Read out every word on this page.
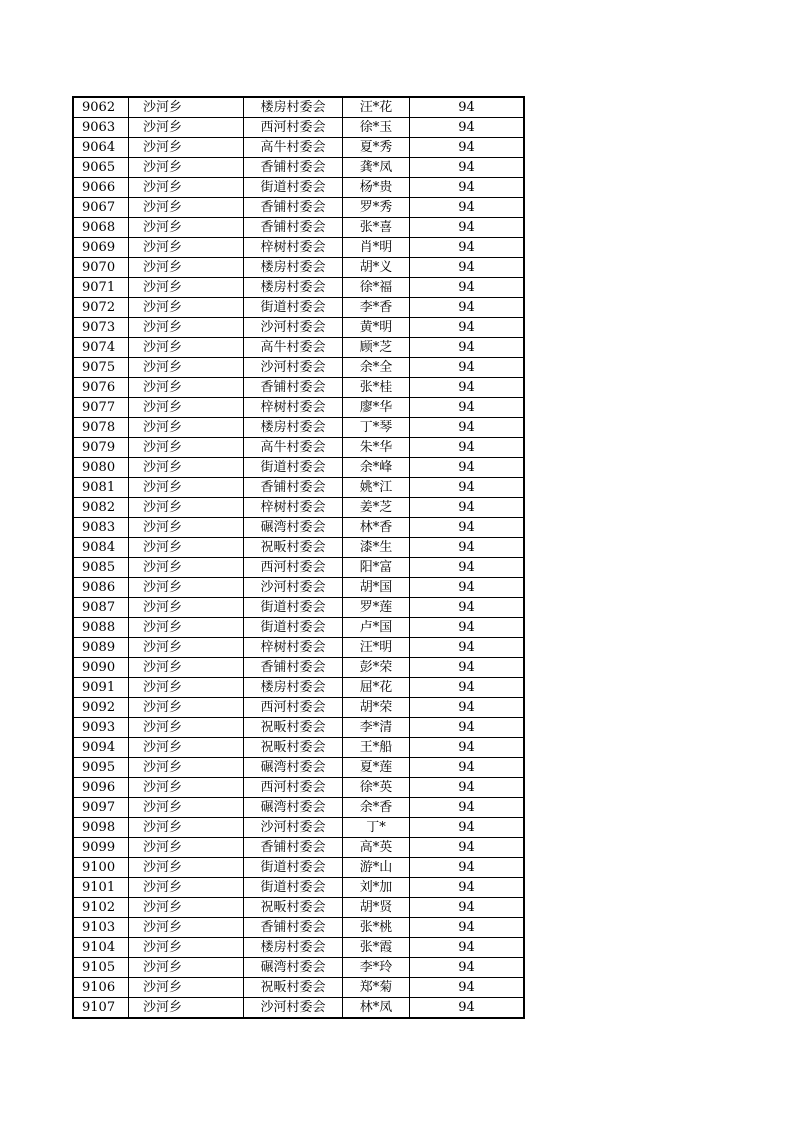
9062	沙河乡	楼房村委会	汪*花	94
9063	沙河乡	西河村委会	徐*玉	94
9064	沙河乡	高牛村委会	夏*秀	94
9065	沙河乡	香铺村委会	龚*凤	94
9066	沙河乡	街道村委会	杨*贵	94
9067	沙河乡	香铺村委会	罗*秀	94
9068	沙河乡	香铺村委会	张*喜	94
9069	沙河乡	梓树村委会	肖*明	94
9070	沙河乡	楼房村委会	胡*义	94
9071	沙河乡	楼房村委会	徐*福	94
9072	沙河乡	街道村委会	李*香	94
9073	沙河乡	沙河村委会	黄*明	94
9074	沙河乡	高牛村委会	顾*芝	94
9075	沙河乡	沙河村委会	余*全	94
9076	沙河乡	香铺村委会	张*桂	94
9077	沙河乡	梓树村委会	廖*华	94
9078	沙河乡	楼房村委会	丁*琴	94
9079	沙河乡	高牛村委会	朱*华	94
9080	沙河乡	街道村委会	余*峰	94
9081	沙河乡	香铺村委会	姚*江	94
9082	沙河乡	梓树村委会	姜*芝	94
9083	沙河乡	碾湾村委会	林*香	94
9084	沙河乡	祝畈村委会	漆*生	94
9085	沙河乡	西河村委会	阳*富	94
9086	沙河乡	沙河村委会	胡*国	94
9087	沙河乡	街道村委会	罗*莲	94
9088	沙河乡	街道村委会	卢*国	94
9089	沙河乡	梓树村委会	汪*明	94
9090	沙河乡	香铺村委会	彭*荣	94
9091	沙河乡	楼房村委会	屈*花	94
9092	沙河乡	西河村委会	胡*荣	94
9093	沙河乡	祝畈村委会	李*清	94
9094	沙河乡	祝畈村委会	王*船	94
9095	沙河乡	碾湾村委会	夏*莲	94
9096	沙河乡	西河村委会	徐*英	94
9097	沙河乡	碾湾村委会	余*香	94
9098	沙河乡	沙河村委会	丁*	94
9099	沙河乡	香铺村委会	高*英	94
9100	沙河乡	街道村委会	游*山	94
9101	沙河乡	街道村委会	刘*加	94
9102	沙河乡	祝畈村委会	胡*贤	94
9103	沙河乡	香铺村委会	张*桃	94
9104	沙河乡	楼房村委会	张*霞	94
9105	沙河乡	碾湾村委会	李*玲	94
9106	沙河乡	祝畈村委会	郑*菊	94
9107	沙河乡	沙河村委会	林*凤	94
